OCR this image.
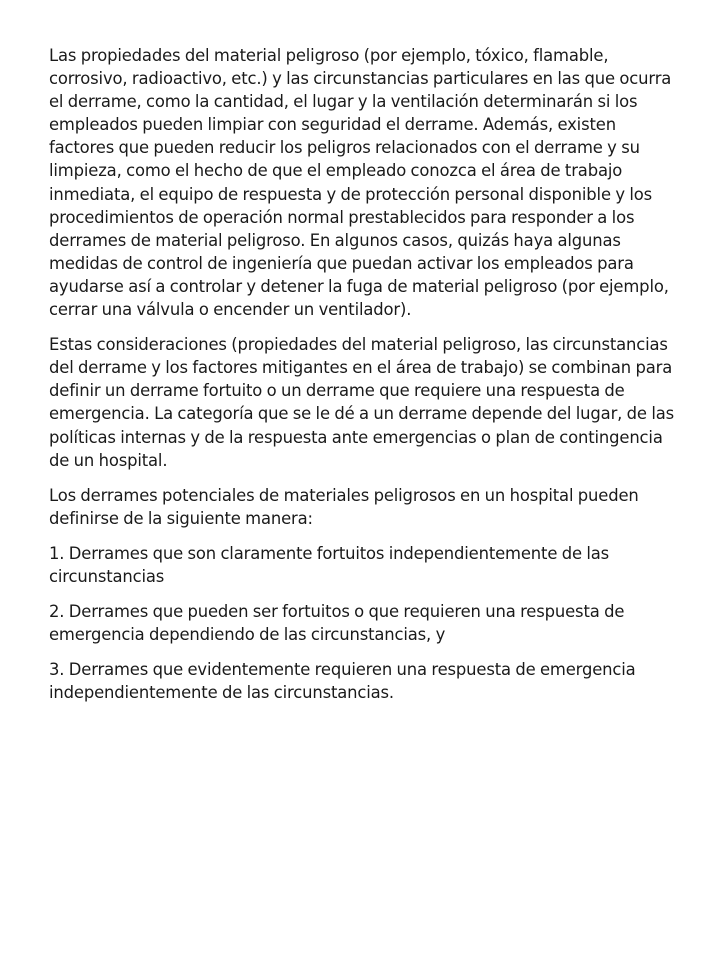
Las propiedades del material peligroso (por ejemplo, tóxico, flamable, corrosivo, radioactivo, etc.) y las circunstancias particulares en las que ocurra el derrame, como la cantidad, el lugar y la ventilación determinarán si los empleados pueden limpiar con seguridad el derrame. Además, existen factores que pueden reducir los peligros relacionados con el derrame y su limpieza, como el hecho de que el empleado conozca el área de trabajo inmediata, el equipo de respuesta y de protección personal disponible y los procedimientos de operación normal prestablecidos para responder a los derrames de material peligroso. En algunos casos, quizás haya algunas medidas de control de ingeniería que puedan activar los empleados para ayudarse así a controlar y detener la fuga de material peligroso (por ejemplo, cerrar una válvula o encender un ventilador).

Estas consideraciones (propiedades del material peligroso, las circunstancias del derrame y los factores mitigantes en el área de trabajo) se combinan para definir un derrame fortuito o un derrame que requiere una respuesta de emergencia. La categoría que se le dé a un derrame depende del lugar, de las políticas internas y de la respuesta ante emergencias o plan de contingencia de un hospital.

Los derrames potenciales de materiales peligrosos en un hospital pueden definirse de la siguiente manera:

1. Derrames que son claramente fortuitos independientemente de las circunstancias

2. Derrames que pueden ser fortuitos o que requieren una respuesta de emergencia dependiendo de las circunstancias, y

3. Derrames que evidentemente requieren una respuesta de emergencia independientemente de las circunstancias.
